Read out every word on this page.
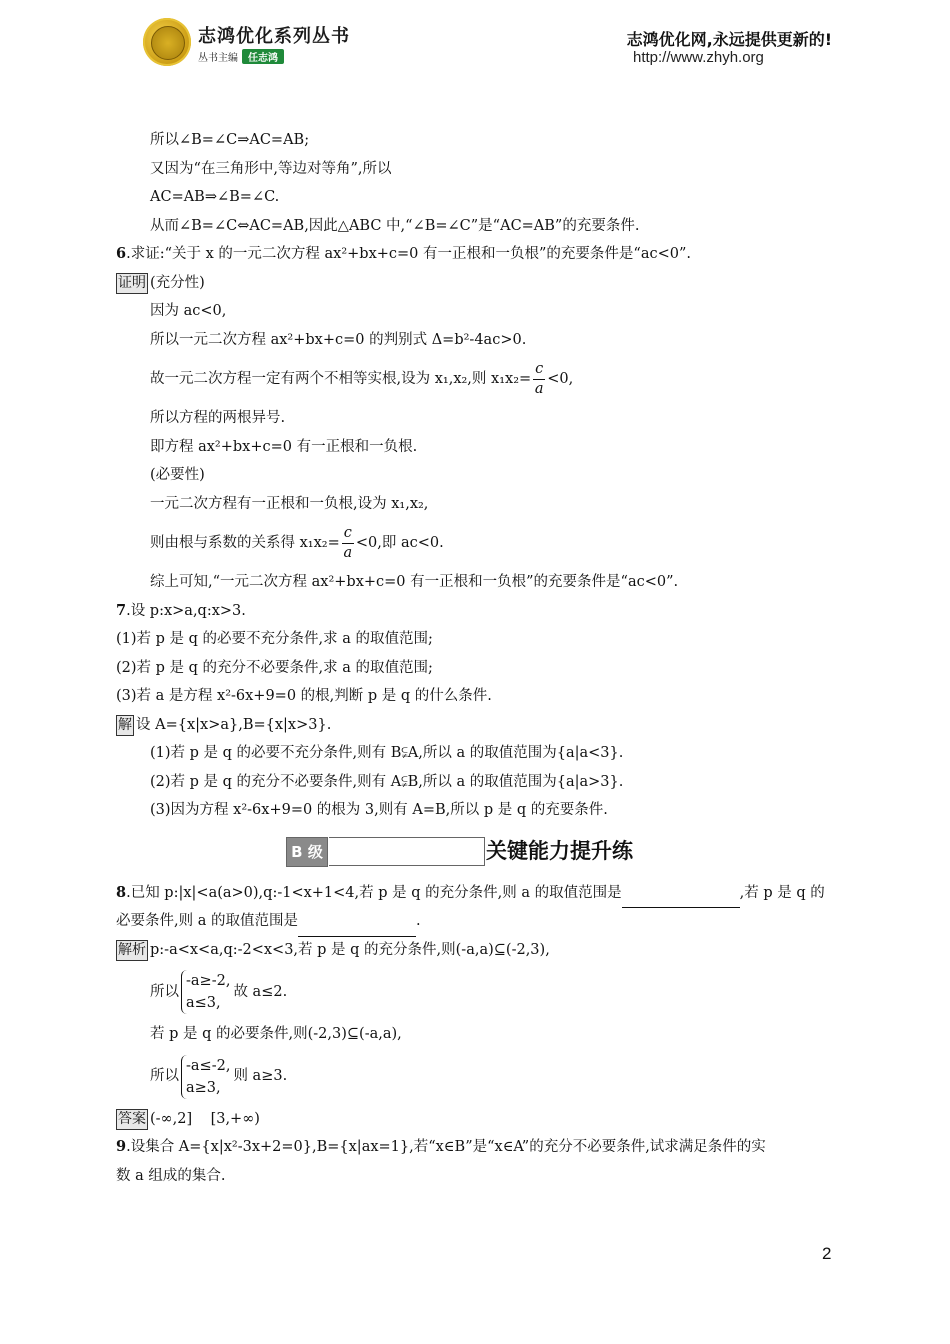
志鸿优化系列丛书
丛书主编 任志鸿
志鸿优化网,永远提供更新的!
http://www.zhyh.org
所以∠B=∠C⇒AC=AB;
又因为“在三角形中,等边对等角”,所以
AC=AB⇒∠B=∠C.
从而∠B=∠C⇔AC=AB,因此△ABC 中,“∠B=∠C”是“AC=AB”的充要条件.
6.求证:“关于 x 的一元二次方程 ax²+bx+c=0 有一正根和一负根”的充要条件是“ac<0”.
证明 (充分性)
因为 ac<0,
所以一元二次方程 ax²+bx+c=0 的判别式 Δ=b²-4ac>0.
故一元二次方程一定有两个不相等实根,设为 x₁,x₂,则 $x_1x_2= \frac{c}{a} <0$,
所以方程的两根异号.
即方程 ax²+bx+c=0 有一正根和一负根.
(必要性)
一元二次方程有一正根和一负根,设为 x₁,x₂,
则由根与系数的关系得 $x_1x_2= \frac{c}{a} <0$,即 ac<0.
综上可知,“一元二次方程 ax²+bx+c=0 有一正根和一负根”的充要条件是“ac<0”.
7.设 p:x>a,q:x>3.
(1)若 p 是 q 的必要不充分条件,求 a 的取值范围;
(2)若 p 是 q 的充分不必要条件,求 a 的取值范围;
(3)若 a 是方程 x²-6x+9=0 的根,判断 p 是 q 的什么条件.
解 设 A={x|x>a},B={x|x>3}.
(1)若 p 是 q 的必要不充分条件,则有 B⫋A,所以 a 的取值范围为{a|a<3}.
(2)若 p 是 q 的充分不必要条件,则有 A⫋B,所以 a 的取值范围为{a|a>3}.
(3)因为方程 x²-6x+9=0 的根为 3,则有 A=B,所以 p 是 q 的充要条件.
B 级	关键能力提升练
8.已知 p:|x|<a(a>0),q:-1<x+1<4,若 p 是 q 的充分条件,则 a 的取值范围是	,若 p 是 q 的
必要条件,则 a 的取值范围是	.
解析 p:-a<x<a,q:-2<x<3,若 p 是 q 的充分条件,则(-a,a)⊆(-2,3),
所以
-a≥-2,
a≤3,
故 a≤2.
若 p 是 q 的必要条件,则(-2,3)⊆(-a,a),
所以
-a≤-2,
a≥3,
则 a≥3.
答案 (-∞,2]    [3,+∞)
9.设集合 A={x|x²-3x+2=0},B={x|ax=1},若“x∈B”是“x∈A”的充分不必要条件,试求满足条件的实
数 a 组成的集合.
2
